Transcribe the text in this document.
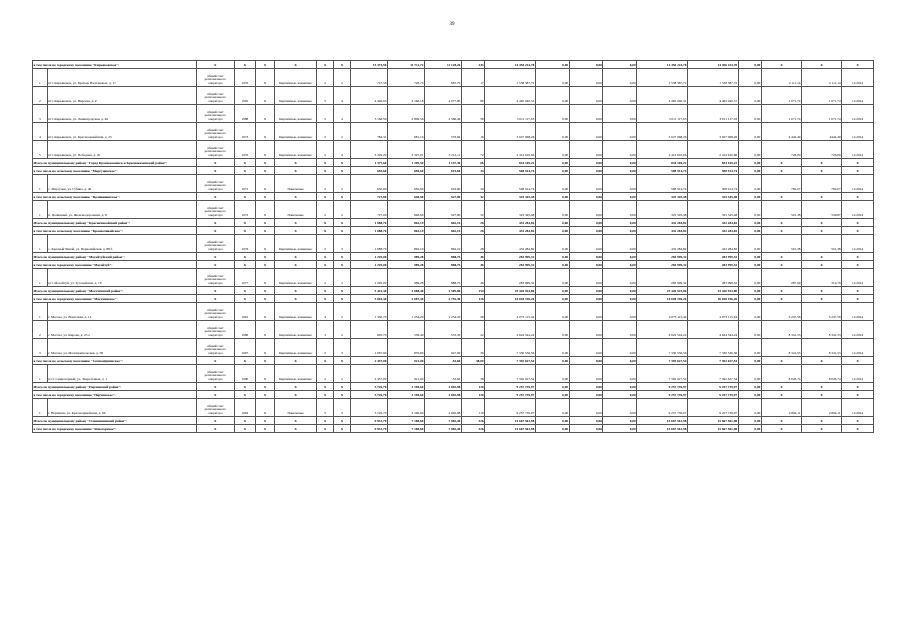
39
в том числе по городскому поселению "Кирьяковское":		X	X	X	X	X	X	15 373,56	11 711,72	11 128,26	243	14 456 224,78	0,00	0,00	0,00	14 456 224,78	14 456 224,78	0,00	X	X	X
1	пгт. Кирьяковск, ул. Братьев Васильевых, д. 17	общий счет регионального оператора	1976	X	Кирпичные, каменные	2	2	747,56	728,70	687,70	17	1 538 387,72	0,00	0,00	0,00	1 538 387,72	1 538 387,72	0,00	2 111,14	2 111,14	12.2024
2	пгт. Кирьяковск, ул. Вирская, д. 2	общий счет регионального оператора	1995	X	Кирпичные, каменные	5	4	4 346,05	4 166,18	4 077,85	80	4 465 040,31	0,00	0,00	0,00	4 465 040,31	4 465 040,31	0,00	1 071,74	1 071,74	12.2024
3	пгт. Кирьяковск, ул. Ленинградская, д. 46	общий счет регионального оператора	1988	X	Кирпичные, каменные	5	4	3 166,50	2 809,56	2 566,46	58	3 011 117,03	0,00	0,00	0,00	3 011 117,03	3 011 117,03	0,00	1 071,74	1 071,74	12.2024
4	пгт. Кирьяковск, ул. Красноармейская, д. 23	общий счет регионального оператора	1973	X	Кирпичные, каменные	2	2	784,31	681,19	576,84	16	3 027 068,26	0,00	0,00	0,00	3 027 068,26	3 027 068,26	0,00	4 442,49	4442,49	12.2024
5	пгт. Кирьяковск, ул. Победная, д. 45	общий счет регионального оператора	1976	X	Кирпичные, каменные	5	4	3 329,20	3 325,91	3 212,11	72	2 414 610,66	0,00	0,00	0,00	2 414 610,66	2 414 610,66	0,00	726,00	726,00	12.2024
Итого по муниципальному району "Город Краснокаменск и Краснокаменский район":		X	X	X	X	X	X	1 377,60	1 299,50	1 147,40	66	834 169,22	0,00	0,00	0,00	834 169,22	834 169,22	0,00	X	X	X
в том числе по сельскому поселению "Маргуцекское":		X	X	X	X	X	X	650,60	650,60	619,60	34	508 914,74	0,00	0,00	0,00	508 914,74	508 914,74	0,00	X	X	X
1	с. Маргуцек, ул. Губина, д. 46	общий счет регионального оператора	1972	X	Панельные	2	2	650,60	650,60	619,60	34	508 914,74	0,00	0,00	0,00	508 914,74	508 914,74	0,00	782,07	782,07	12.2024
в том числе по сельскому поселению "Целинннинское":		X	X	X	X	X	X	727,00	648,90	527,80	32	325 345,48	0,00	0,00	0,00	325 345,48	325 345,48	0,00	X	X	X
1	п. Целинный, ул. Железнодорожная, д. 8	общий счет регионального оператора	1972	X	Панельные	2	2	727,00	648,90	527,80	32	325 345,48	0,00	0,00	0,00	325 345,48	325 345,48	0,00	501,38	539,87	12.2024
Итого по муниципальному району "Красночикойский район":		X	X	X	X	X	X	1 088,70	862,19	862,19	28	432 284,82	0,00	0,00	0,00	432 284,82	432 284,82	0,00	X	X	X
в том числе по сельскому поселению "Красночикойское":		X	X	X	X	X	X	1 088,70	862,19	862,19	28	432 284,82	0,00	0,00	0,00	432 284,82	432 284,82	0,00	X	X	X
1	с. Красный Чикой, ул. Первомайская, д. 88 б	общий счет регионального оператора	1979	X	Кирпичные, каменные	2	3	1 088,70	862,19	862,19	28	432 284,82	0,00	0,00	0,00	432 284,82	432 284,82	0,00	501,38	501,38	12.2024
Итого по муниципальному району "Могойтуйский район":		X	X	X	X	X	X	1 220,00	989,28	888,75	46	283 999,32	0,00	0,00	0,00	283 999,32	283 999,32	0,00	X	X	X
в том числе по городскому поселению "Могойтуй":		X	X	X	X	X	X	1 220,00	989,28	888,75	46	283 999,32	0,00	0,00	0,00	283 999,32	283 999,32	0,00	X	X	X
1	пгт. Могойтуй, ул. Зугалайская, д. 16	общий счет регионального оператора	1977	X	Кирпичные, каменные	2	3	1 220,00	989,28	888,75	46	283 999,32	0,00	0,00	0,00	283 999,32	283 999,32	0,00	287,09	314,79	12.2024
Итого по муниципальному району "Могочинский район":		X	X	X	X	X	X	5 441,30	3 688,40	2 509,80	154	23 420 923,80	0,00	0,00	0,00	23 420 923,80	23 420 923,80	0,00	X	X	X
в том числе по городскому поселению "Могочинское":		X	X	X	X	X	X	3 004,30	2 687,40	2 755,40	116	16 028 196,26	0,00	0,00	0,00	16 028 196,26	16 028 196,26	0,00	X	X	X
1	г. Могоча, ул. Вокзгавая, д. 14	общий счет регионального оператора	1961	X	Кирпичные, каменные	4	2	1 330,70	1 254,20	1 254,20	58	4 073 115,44	0,00	0,00	0,00	4 073 115,44	4 073 115,44	0,00	3 247,56	3 247,56	12.2024
2	г. Могоча, ул. Кирова, д. 23 а	общий счет регионального оператора	1986	X	Кирпичные, каменные	3	2	605,70	556,40	553,30	22	4 624 544,24	0,00	0,00	0,00	4 624 544,24	4 624 544,24	0,00	8 341,53	8 341,53	12.2024
3	г. Могоча, ул. Малоприпольская, д. 58	общий счет регионального оператора	1997	X	Кирпичные, каменные	2	3	1 067,90	876,80	947,90	36	7 330 536,56	0,00	0,00	0,00	7 330 536,56	7 330 536,56	0,00	8 341,53	8 341,53	12.2024
в том числе по сельскому поселению "Семиозёрнинское":		X	X	X	X	X	X	2 437,00	921,00	-53,60	38,00	7 392 627,54	0,00	0,00	0,00	7 392 627,54	7 392 627,54	0,00	X	X	X
1	п/ст. Семиозерный, ул. Энергетиков, д. 1	общий счет регионального оператора	1990	X	Кирпичные, каменные	2	2	2 437,00	921,00	-53,60	38	7 392 627,54	0,00	0,00	0,00	7 392 627,54	7 392 627,54	0,00	8 026,74	8 026,74	12.2024
Итого по муниципальному району "Нерчинский район":		X	X	X	X	X	X	3 726,70	3 190,60	2 692,98	110	9 257 739,97	0,00	0,00	0,00	9 257 739,97	9 257 739,97	0,00	X	X	X
в том числе по городскому поселению "Нерчинское":		X	X	X	X	X	X	3 726,70	3 190,60	2 692,98	110	9 257 739,97	0,00	0,00	0,00	9 257 739,97	9 257 739,97	0,00	X	X	X
1	г. Нерчинск, ул. Красноармейская, д. 60	общий счет регионального оператора	1992	X	Панельные	5	3	3 726,70	3 190,60	2 692,98	110	9 257 739,97	0,00	0,00	0,00	9 257 739,97	9 257 739,97	0,00	2 894,11	2 894,11	12.2024
Итого по муниципальному району "Оловяннинский район":		X	X	X	X	X	X	9 931,70	7 180,60	7 082,40	326	15 667 561,98	0,00	0,00	0,00	15 667 561,98	15 667 561,98	0,00	X	X	X
в том числе по городскому поселению "Ясногорское":		X	X	X	X	X	X	9 931,70	7 180,60	7 082,40	326	15 667 561,98	0,00	0,00	0,00	15 667 561,98	15 667 561,98	0,00	X	X	X
